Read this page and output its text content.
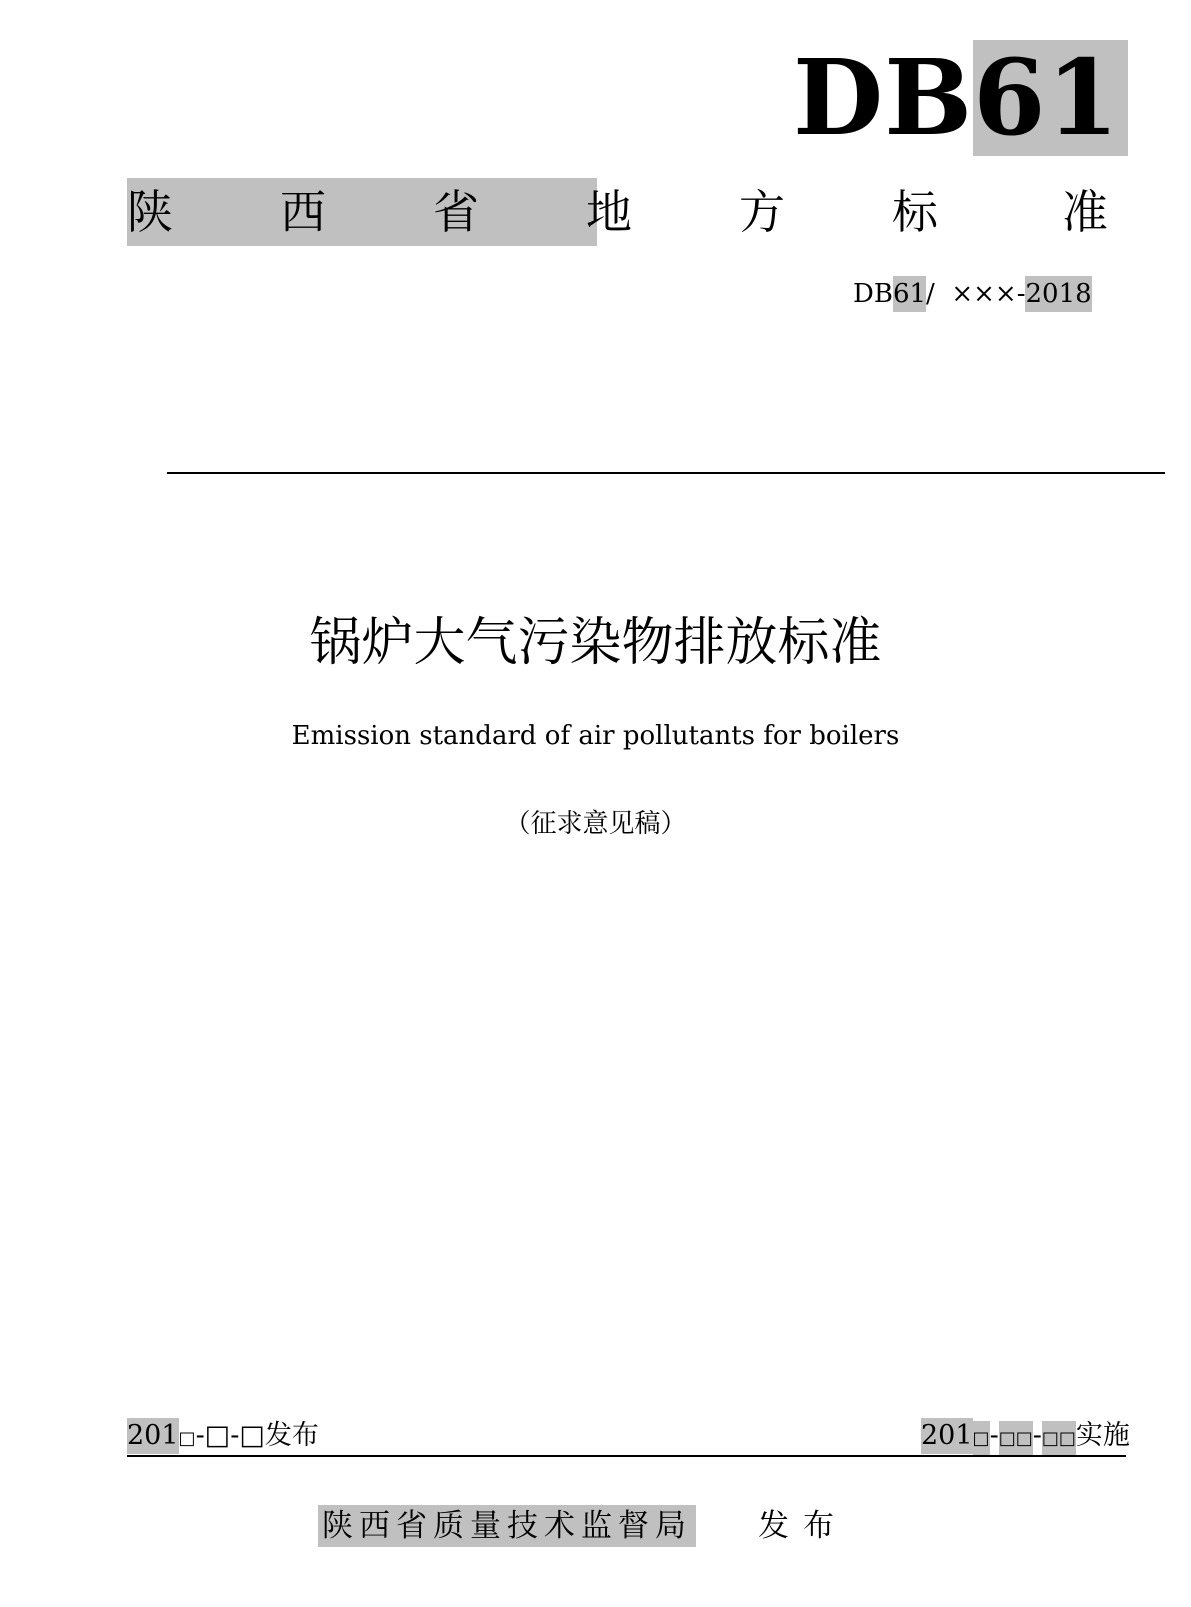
DB61
陕 西 省 地 方 标	准
DB61/  ×××-2018
锅炉大气污染物排放标准
Emission standard of air pollutants for boilers
（征求意见稿）
201□-□-□发布	201□-□□-□□实施
陕西省质量技术监督局 发布
